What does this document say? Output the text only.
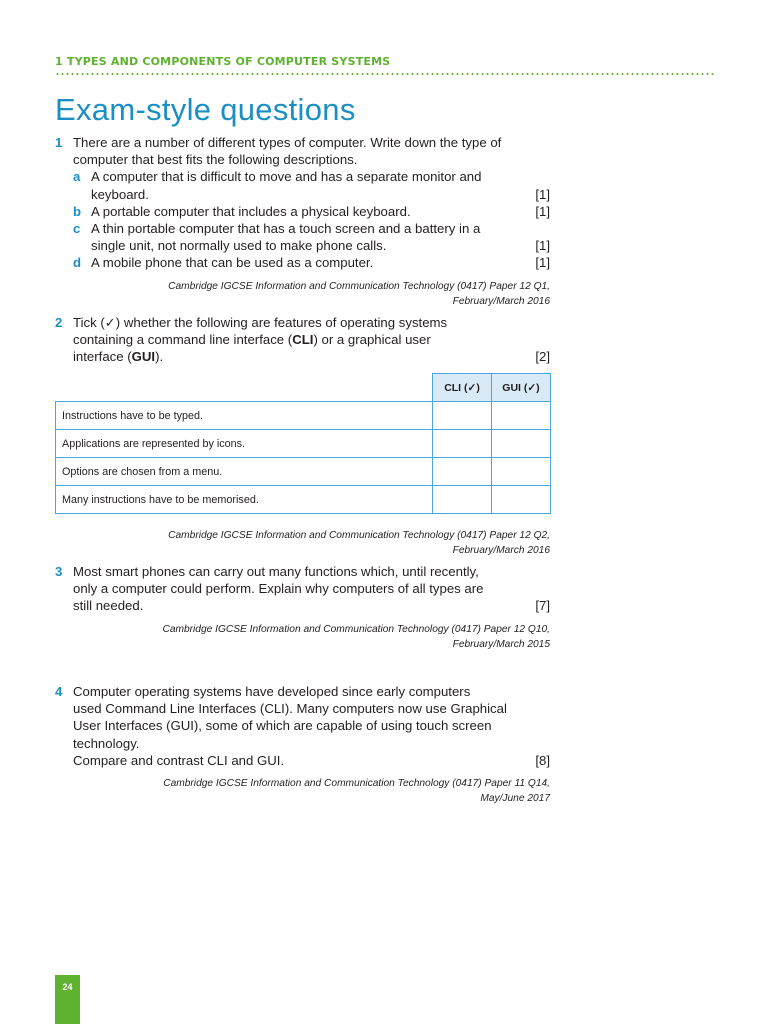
1 TYPES AND COMPONENTS OF COMPUTER SYSTEMS
Exam-style questions
1 There are a number of different types of computer. Write down the type of
computer that best fits the following descriptions.
a A computer that is difficult to move and has a separate monitor and
keyboard.	[1]
b A portable computer that includes a physical keyboard.	[1]
c A thin portable computer that has a touch screen and a battery in a
single unit, not normally used to make phone calls.	[1]
d A mobile phone that can be used as a computer.	[1]
Cambridge IGCSE Information and Communication Technology (0417) Paper 12 Q1,
February/March 2016
2 Tick (✓) whether the following are features of operating systems
containing a command line interface (CLI) or a graphical user
interface (GUI).	[2]
	CLI (✓)	GUI (✓)
Instructions have to be typed.		
Applications are represented by icons.		
Options are chosen from a menu.		
Many instructions have to be memorised.		
Cambridge IGCSE Information and Communication Technology (0417) Paper 12 Q2,
February/March 2016
3 Most smart phones can carry out many functions which, until recently,
only a computer could perform. Explain why computers of all types are
still needed.	[7]
Cambridge IGCSE Information and Communication Technology (0417) Paper 12 Q10,
February/March 2015
4 Computer operating systems have developed since early computers
used Command Line Interfaces (CLI). Many computers now use Graphical
User Interfaces (GUI), some of which are capable of using touch screen
technology.
Compare and contrast CLI and GUI.	[8]
Cambridge IGCSE Information and Communication Technology (0417) Paper 11 Q14,
May/June 2017
24
